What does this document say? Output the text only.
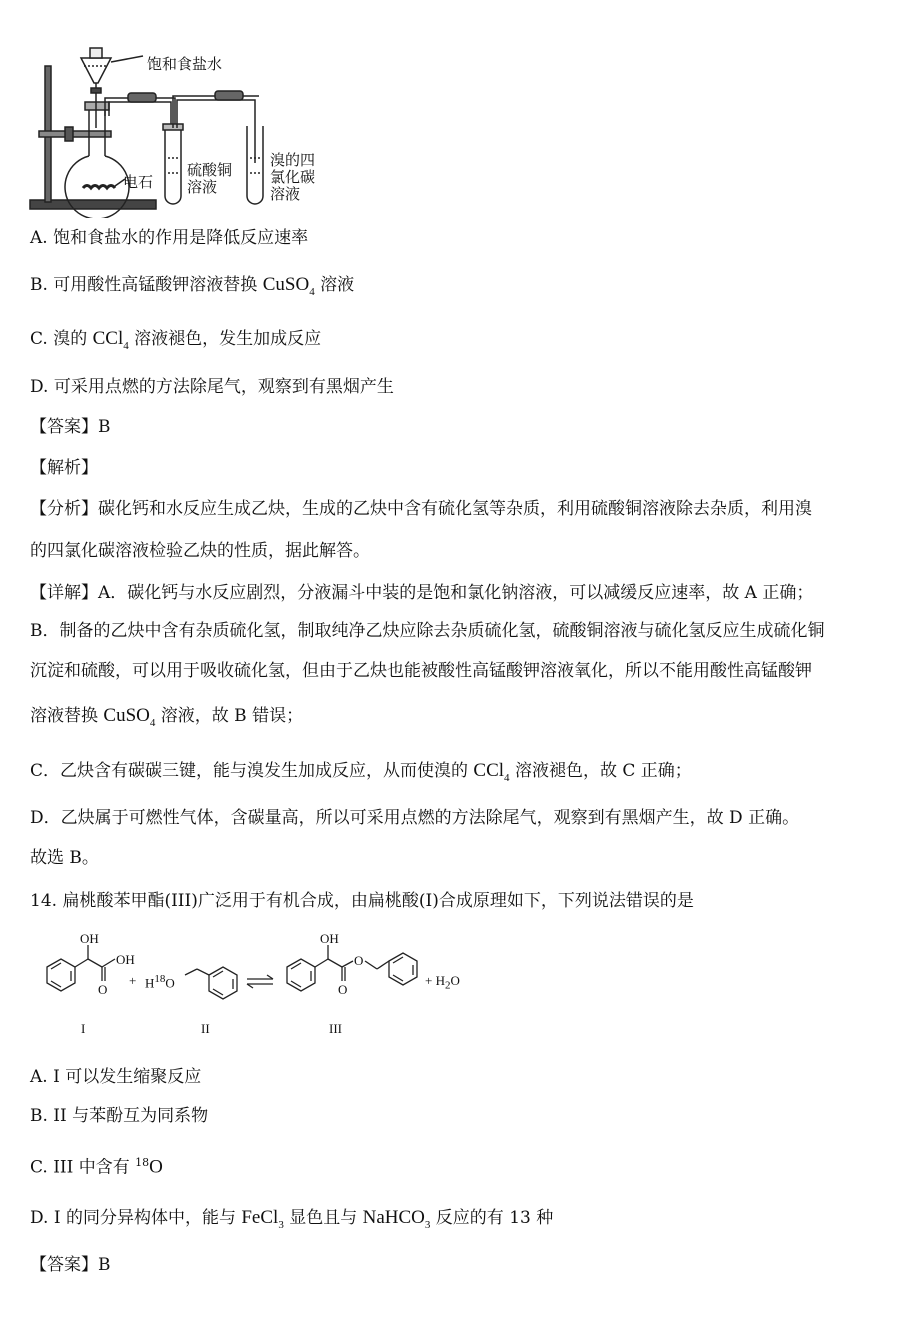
饱和食盐水
电石
硫酸铜
溶液
溴的四
氯化碳
溶液
A. 饱和食盐水的作用是降低反应速率
B. 可用酸性高锰酸钾溶液替换 CuSO$_4$ 溶液
C. 溴的 CCl$_4$ 溶液褪色，发生加成反应
D. 可采用点燃的方法除尾气，观察到有黑烟产生
【答案】B
【解析】
【分析】碳化钙和水反应生成乙炔，生成的乙炔中含有硫化氢等杂质，利用硫酸铜溶液除去杂质，利用溴
的四氯化碳溶液检验乙炔的性质，据此解答。
【详解】A．碳化钙与水反应剧烈，分液漏斗中装的是饱和氯化钠溶液，可以减缓反应速率，故 A 正确；
B．制备的乙炔中含有杂质硫化氢，制取纯净乙炔应除去杂质硫化氢，硫酸铜溶液与硫化氢反应生成硫化铜
沉淀和硫酸，可以用于吸收硫化氢，但由于乙炔也能被酸性高锰酸钾溶液氧化，所以不能用酸性高锰酸钾
溶液替换 CuSO$_4$ 溶液，故 B 错误；
C．乙炔含有碳碳三键，能与溴发生加成反应，从而使溴的 CCl$_4$ 溶液褪色，故 C 正确；
D．乙炔属于可燃性气体，含碳量高，所以可采用点燃的方法除尾气，观察到有黑烟产生，故 D 正确。
故选 B。
14. 扁桃酸苯甲酯(III)广泛用于有机合成，由扁桃酸(I)合成原理如下，下列说法错误的是
OH
OH
O
+ $H^{18}O$
OH
O
O
+ $H_2O$
I	II	III
A. I 可以发生缩聚反应
B. II 与苯酚互为同系物
C. III 中含有 $^{18}$O
D. I 的同分异构体中，能与 FeCl$_3$ 显色且与 NaHCO$_3$ 反应的有 13 种
【答案】B
